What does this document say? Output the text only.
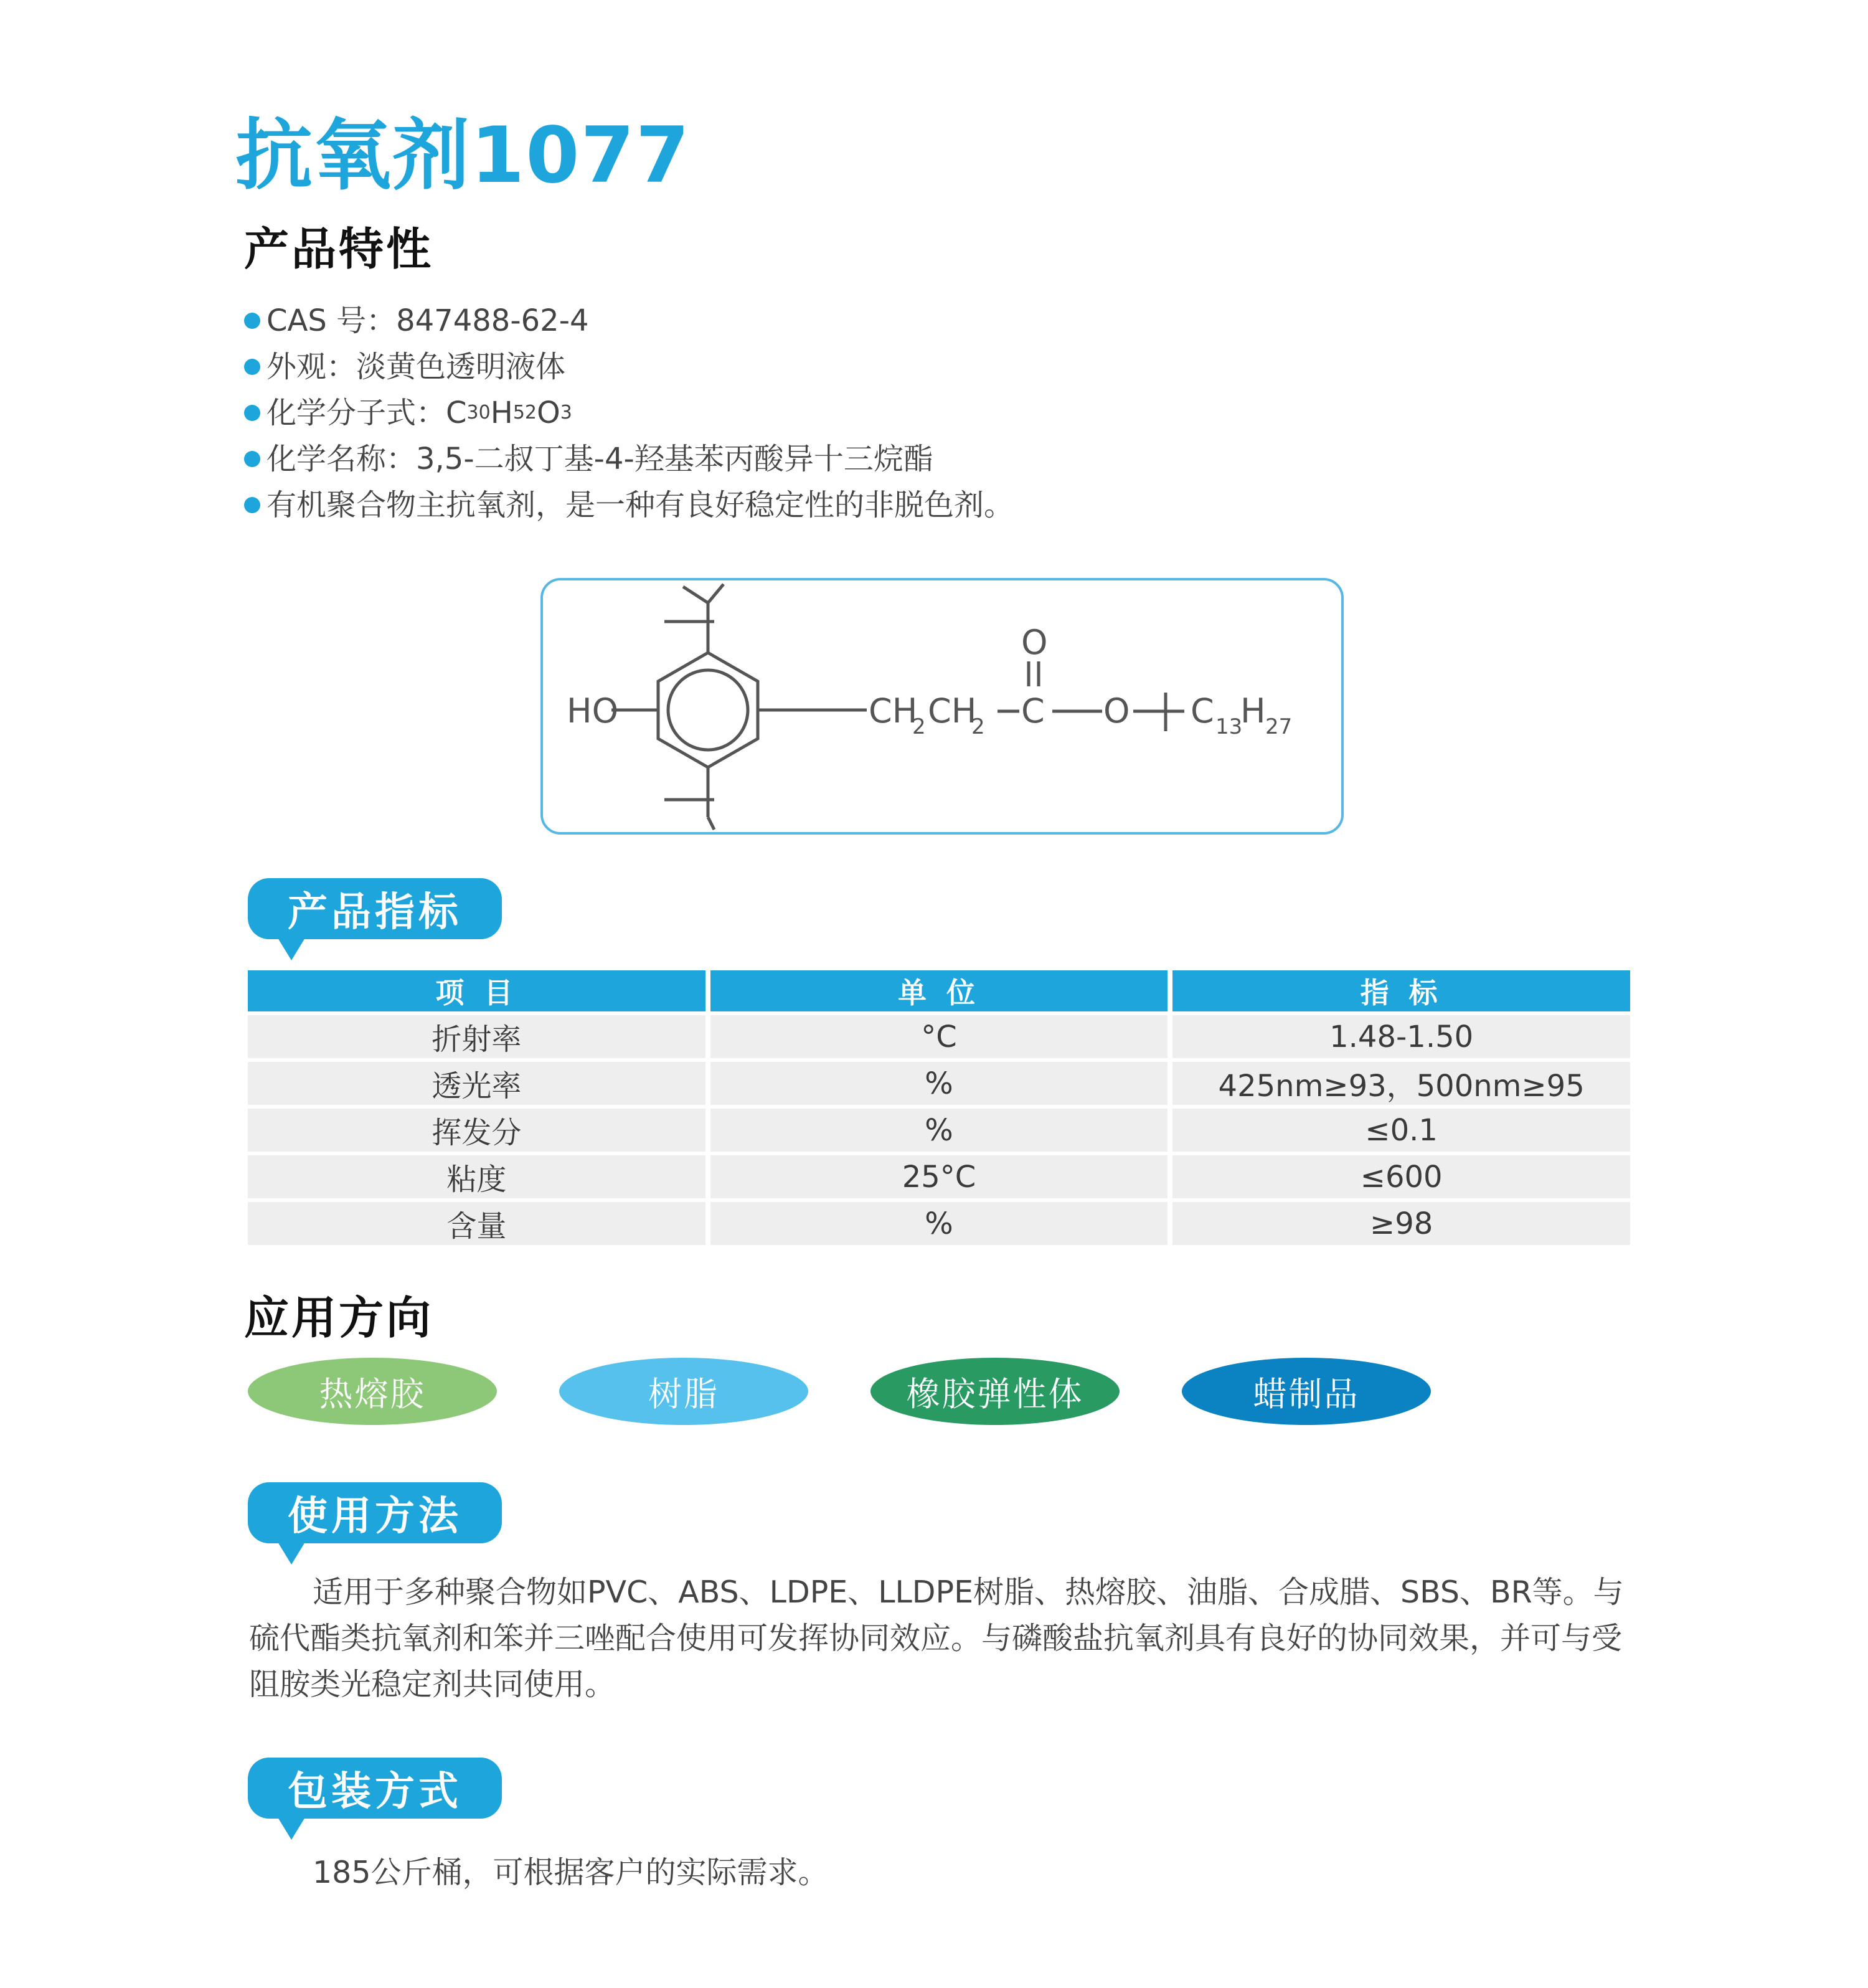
抗氧剂1077
产品特性
CAS 号：847488-62-4
外观：淡黄色透明液体
化学分子式： C 30 H 52 O 3
化学名称：3,5-二叔丁基-4-羟基苯丙酸异十三烷酯
有机聚合物主抗氧剂，是一种有良好稳定性的非脱色剂。
HO	CH
2 CH
2 C
O
O C 13
H 27
产品指标
项 目	单 位	指 标
折射率	°C	1.48-1.50
透光率	%	425nm≥93，500nm≥95
挥发分	%	≤0.1
粘度	25°C	≤600
含量	%	≥98
应用方向
热熔胶	树脂	橡胶弹性体	蜡制品
使用方法
适用于多种聚合物如PVC、ABS、LDPE、LLDPE树脂、热熔胶、油脂、合成腊、SBS、BR等。与硫代酯类抗氧剂和笨并三唑配合使用可发挥协同效应。与磷酸盐抗氧剂具有良好的协同效果，并可与受阻胺类光稳定剂共同使用。
包装方式
185公斤桶，可根据客户的实际需求。
